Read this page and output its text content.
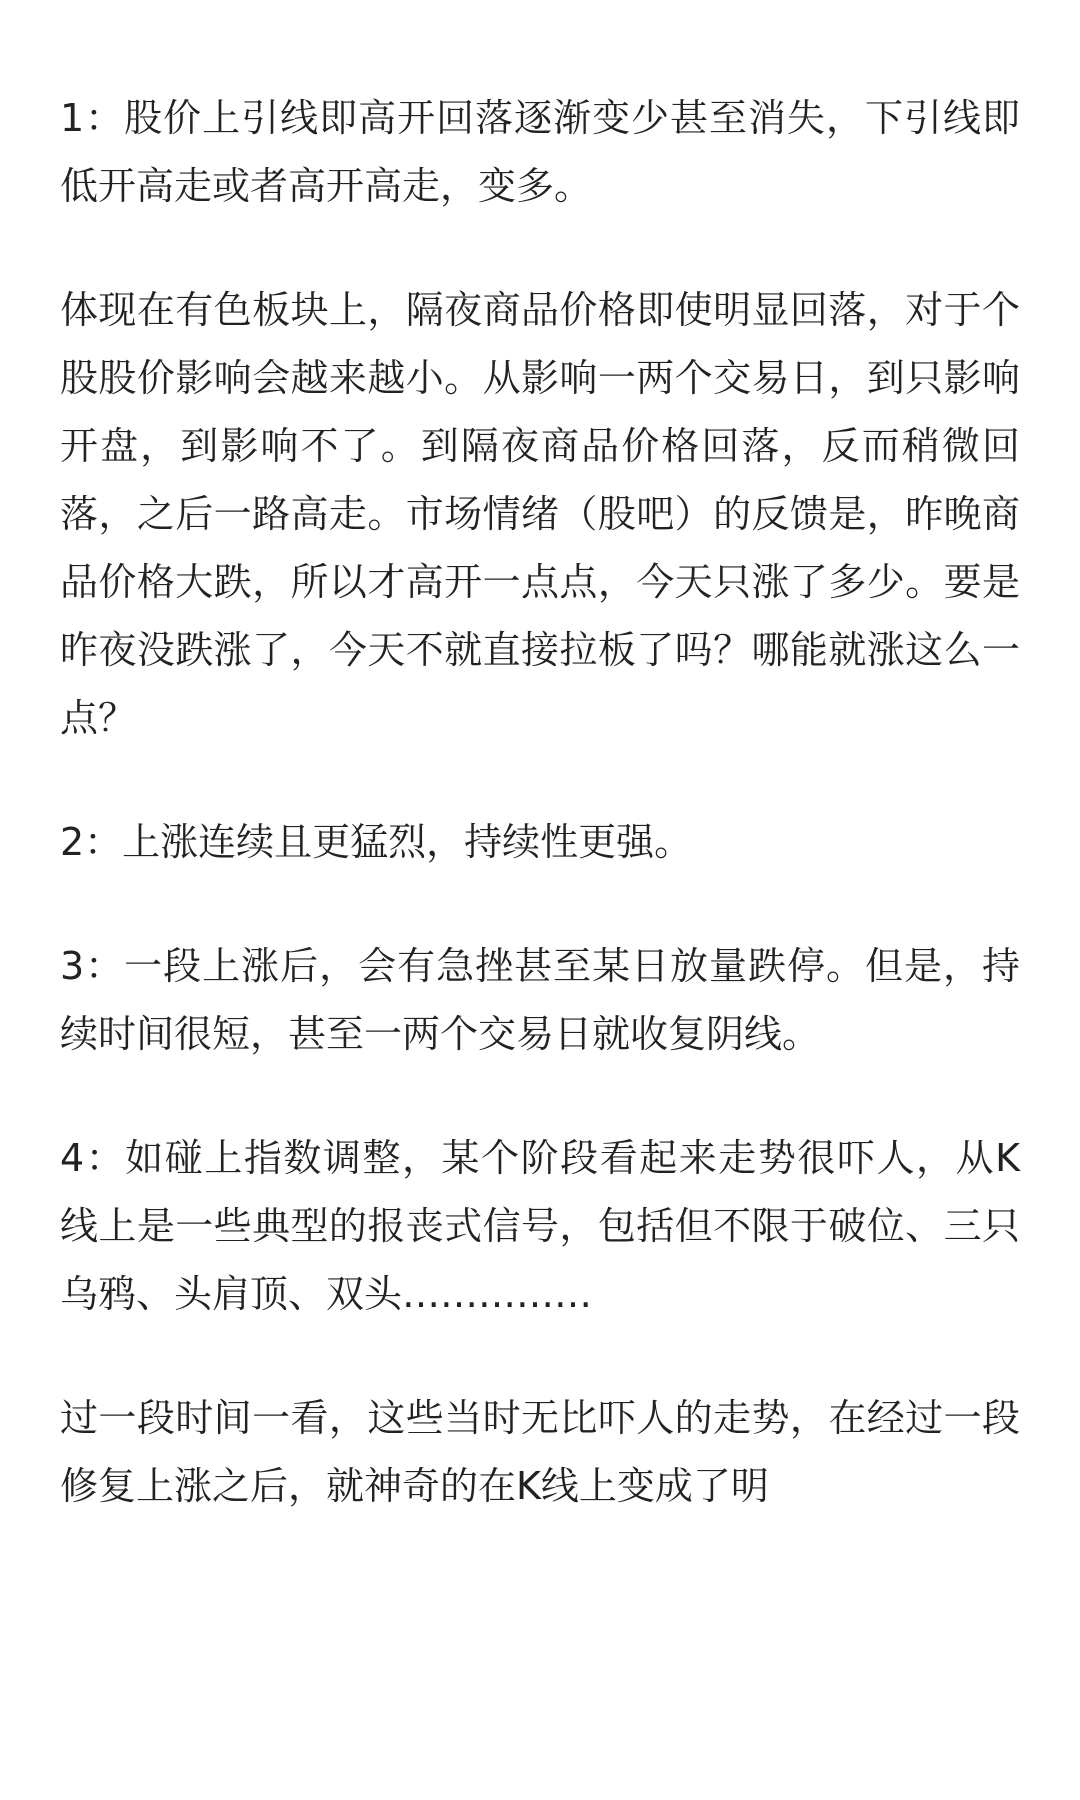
1：股价上引线即高开回落逐渐变少甚至消失，下引线即低开高走或者高开高走，变多。

体现在有色板块上，隔夜商品价格即使明显回落，对于个股股价影响会越来越小。从影响一两个交易日，到只影响开盘，到影响不了。到隔夜商品价格回落，反而稍微回落，之后一路高走。市场情绪（股吧）的反馈是，昨晚商品价格大跌，所以才高开一点点，今天只涨了多少。要是昨夜没跌涨了，今天不就直接拉板了吗？哪能就涨这么一点？

2：上涨连续且更猛烈，持续性更强。

3：一段上涨后，会有急挫甚至某日放量跌停。但是，持续时间很短，甚至一两个交易日就收复阴线。

4：如碰上指数调整，某个阶段看起来走势很吓人，从K线上是一些典型的报丧式信号，包括但不限于破位、三只乌鸦、头肩顶、双头……………

过一段时间一看，这些当时无比吓人的走势，在经过一段修复上涨之后，就神奇的在K线上变成了明
